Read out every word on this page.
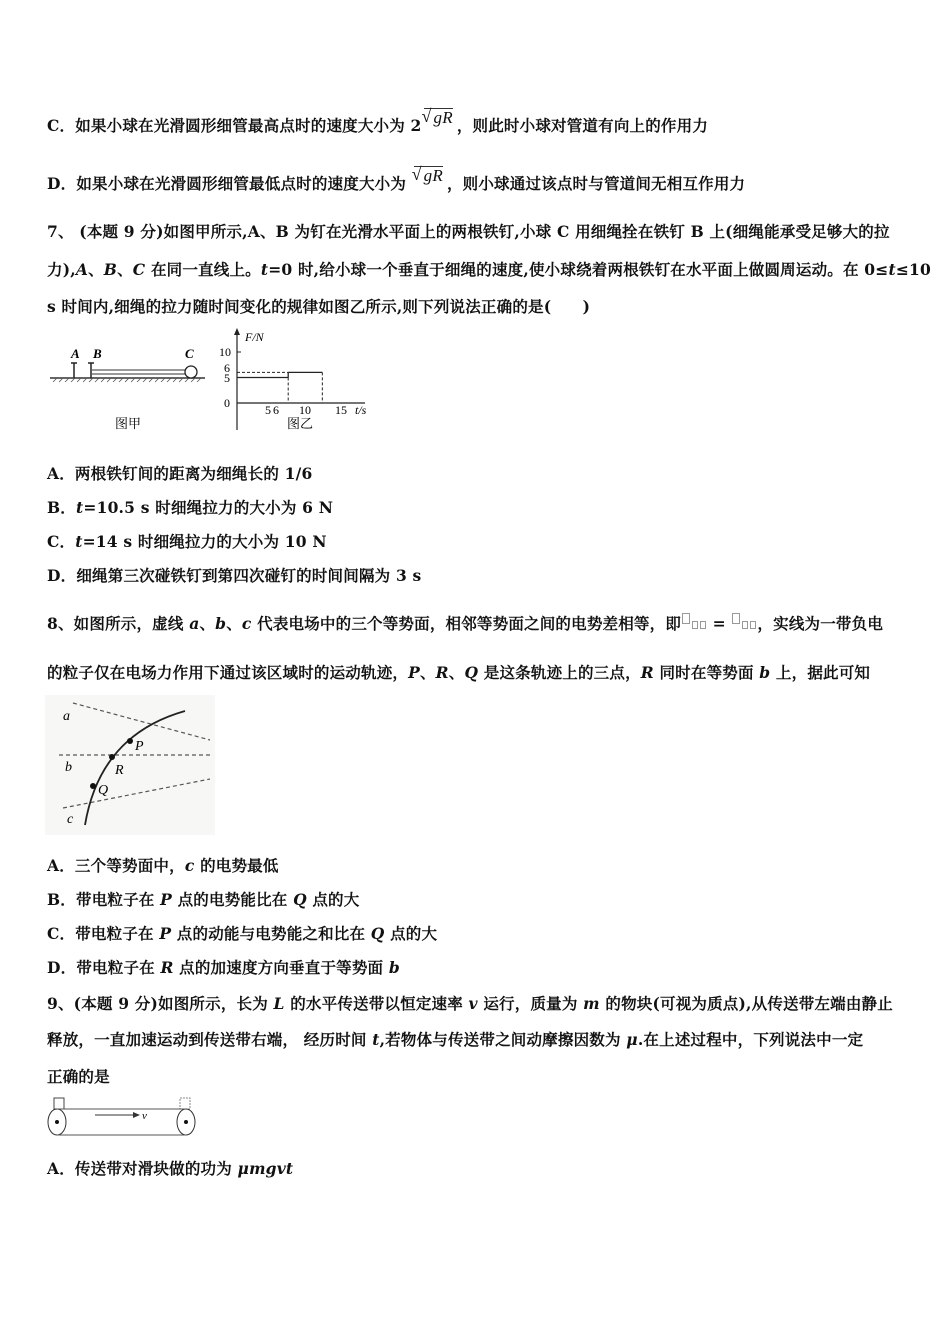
C．如果小球在光滑圆形细管最高点时的速度大小为 2 √ gR ，则此时小球对管道有向上的作用力
D．如果小球在光滑圆形细管最低点时的速度大小为 √ gR ，则小球通过该点时与管道间无相互作用力
7、 (本题 9 分)如图甲所示,A、B 为钉在光滑水平面上的两根铁钉,小球 C 用细绳拴在铁钉 B 上(细绳能承受足够大的拉
力),A、B、C 在同一直线上。t=0 时,给小球一个垂直于细绳的速度,使小球绕着两根铁钉在水平面上做圆周运动。在 0≤t≤10
s 时间内,细绳的拉力随时间变化的规律如图乙所示,则下列说法正确的是(　　)
A B	C
图甲
F/N
10
6
5
0	5 6 10 15 t/s
图乙
A．两根铁钉间的距离为细绳长的 1/6
B．t=10.5 s 时细绳拉力的大小为 6 N
C．t=14 s 时细绳拉力的大小为 10 N
D．细绳第三次碰铁钉到第四次碰钉的时间间隔为 3 s
8、如图所示，虚线 a、b、c 代表电场中的三个等势面，相邻等势面之间的电势差相等，即 = ，实线为一带负电
的粒子仅在电场力作用下通过该区域时的运动轨迹，P、R、Q 是这条轨迹上的三点，R 同时在等势面 b 上，据此可知
a
b
c
P
R
Q
A．三个等势面中，c 的电势最低
B．带电粒子在 P 点的电势能比在 Q 点的大
C．带电粒子在 P 点的动能与电势能之和比在 Q 点的大
D．带电粒子在 R 点的加速度方向垂直于等势面 b
9、(本题 9 分)如图所示，长为 L 的水平传送带以恒定速率 v 运行，质量为 m 的物块(可视为质点),从传送带左端由静止
释放，一直加速运动到传送带右端， 经历时间 t,若物体与传送带之间动摩擦因数为 μ.在上述过程中，下列说法中一定
正确的是
v
A．传送带对滑块做的功为 μmgvt
